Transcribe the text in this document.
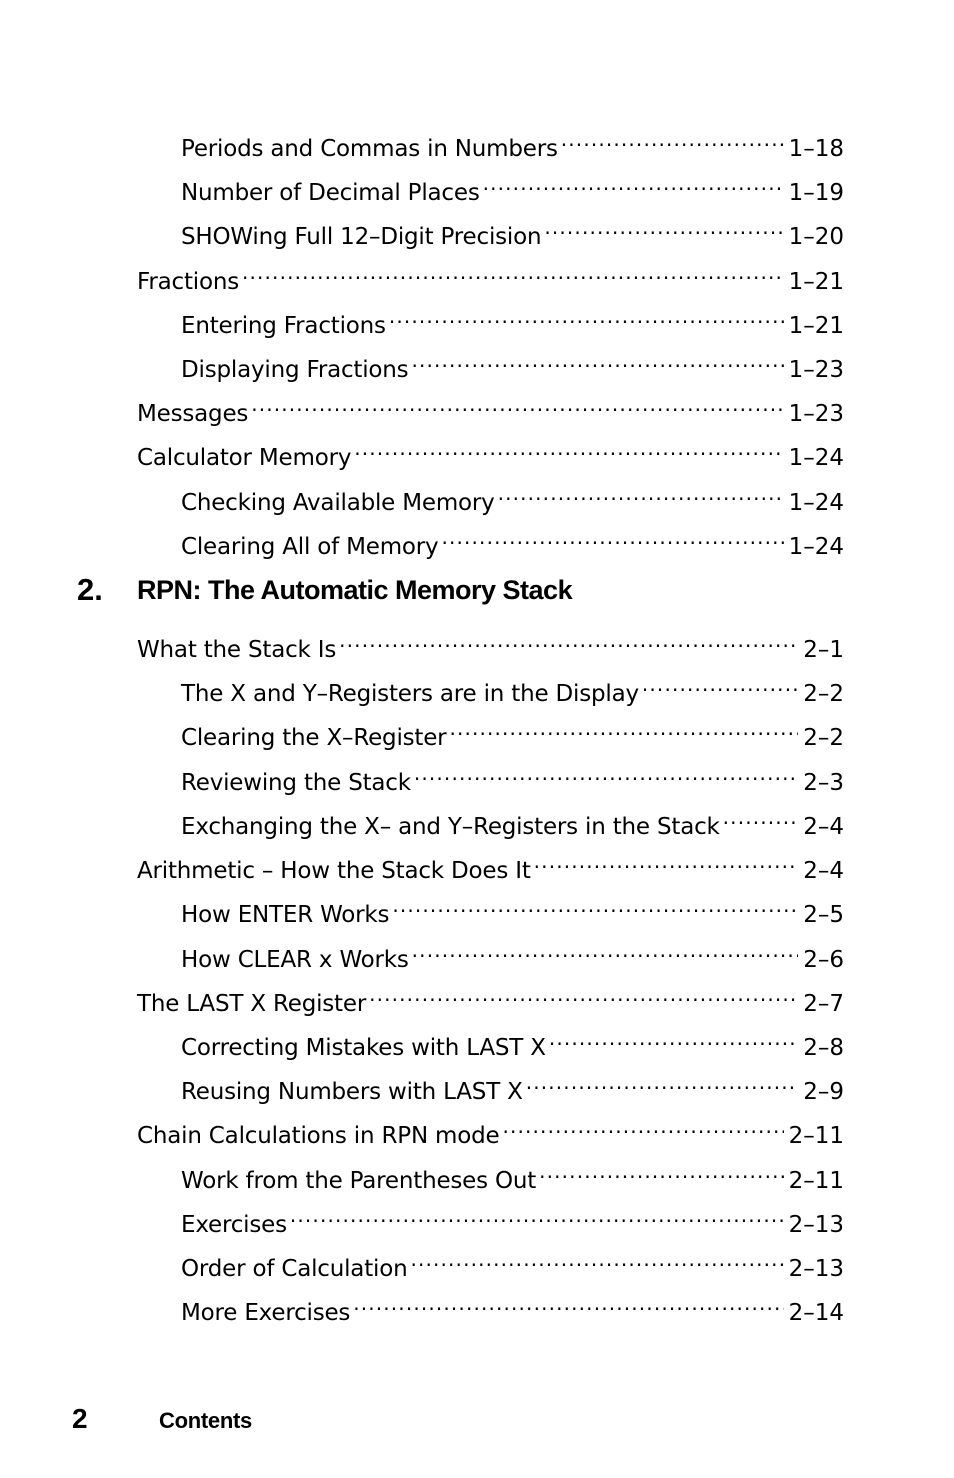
Periods and Commas in Numbers . . .	1–18
Number of Decimal Places . . .	1–19
SHOWing Full 12–Digit Precision . . .	1–20
Fractions . . .	1–21
Entering Fractions . . .	1–21
Displaying Fractions . . .	1–23
Messages . . .	1–23
Calculator Memory . . .	1–24
Checking Available Memory . . .	1–24
Clearing All of Memory . . .	1–24
2. RPN: The Automatic Memory Stack
What the Stack Is . . .	2–1
The X and Y–Registers are in the Display . . .	2–2
Clearing the X–Register . . .	2–2
Reviewing the Stack . . .	2–3
Exchanging the X– and Y–Registers in the Stack . . .	2–4
Arithmetic – How the Stack Does It . . .	2–4
How ENTER Works . . .	2–5
How CLEAR x Works . . .	2–6
The LAST X Register . . .	2–7
Correcting Mistakes with LAST X . . .	2–8
Reusing Numbers with LAST X . . .	2–9
Chain Calculations in RPN mode . . .	2–11
Work from the Parentheses Out . . .	2–11
Exercises . . .	2–13
Order of Calculation . . .	2–13
More Exercises . . .	2–14
2	Contents
